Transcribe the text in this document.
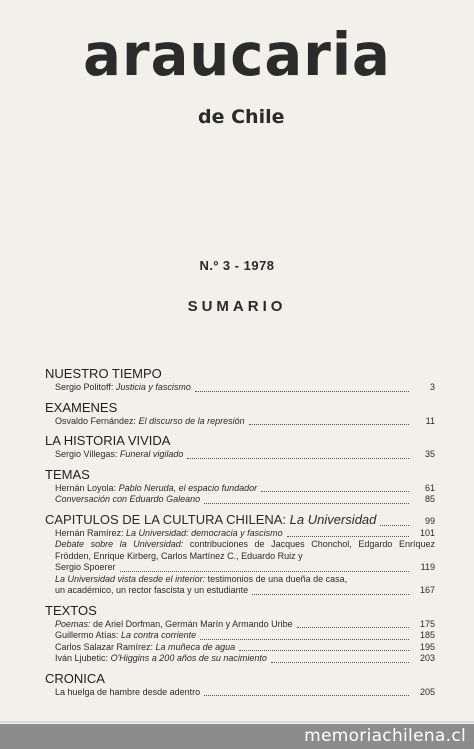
araucaria
de Chile
N.º 3 - 1978
SUMARIO
NUESTRO TIEMPO
Sergio Politoff: Justicia y fascismo	3
EXAMENES
Osvaldo Fernández: El discurso de la represión	11
LA HISTORIA VIVIDA
Sergio Villegas: Funeral vigilado	35
TEMAS
Hernán Loyola: Pablo Neruda, el espacio fundador	61
Conversación con Eduardo Galeano	85
CAPITULOS DE LA CULTURA CHILENA: La Universidad	99
Hernán Ramírez: La Universidad: democracia y fascismo	101
Debate sobre la Universidad: contribuciones de Jacques Chonchol, Edgardo Enríquez Frödden, Enrique Kirberg, Carlos Martínez C., Eduardo Ruiz y
Sergio Spoerer	119
La Universidad vista desde el interior: testimonios de una dueña de casa,
un académico, un rector fascista y un estudiante	167
TEXTOS
Poemas: de Ariel Dorfman, Germán Marín y Armando Uribe	175
Guillermo Atías: La contra corriente	185
Carlos Salazar Ramírez: La muñeca de agua	195
Iván Ljubetic: O'Higgins a 200 años de su nacimiento	203
CRONICA
La huelga de hambre desde adentro	205
memoriachilena.cl
